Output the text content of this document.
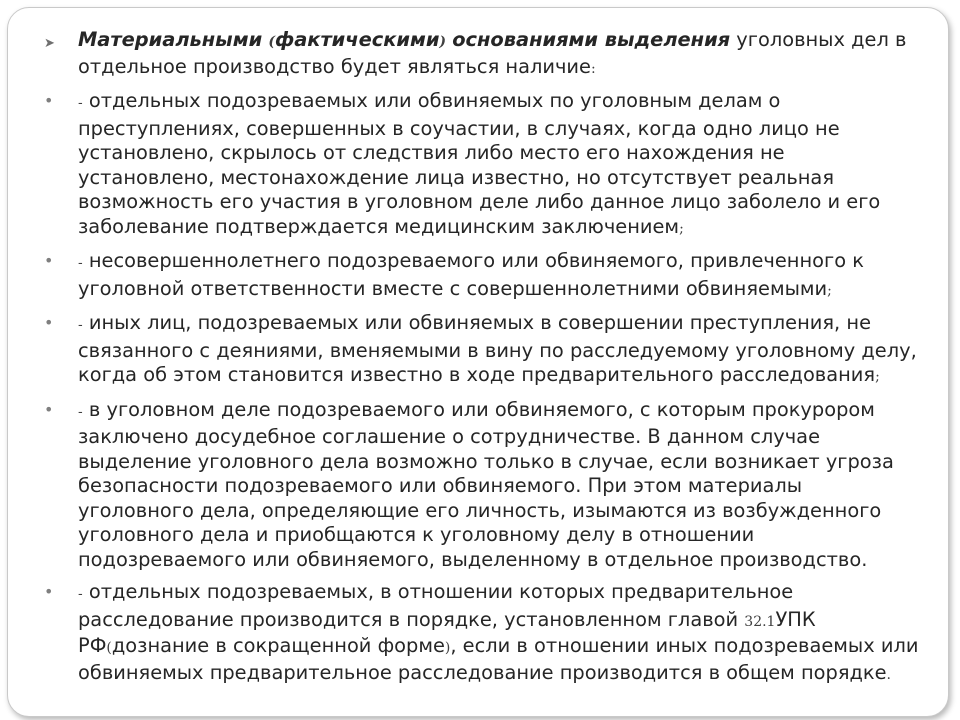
➤	Материальными (фактическими) основаниями выделения уголовных дел в отдельное производство будет являться наличие:
•	- отдельных подозреваемых или обвиняемых по уголовным делам о преступлениях, совершенных в соучастии, в случаях, когда одно лицо не установлено, скрылось от следствия либо место его нахождения не установлено, местонахождение лица известно, но отсутствует реальная возможность его участия в уголовном деле либо данное лицо заболело и его заболевание подтверждается медицинским заключением;
•	- несовершеннолетнего подозреваемого или обвиняемого, привлеченного к уголовной ответственности вместе с совершеннолетними обвиняемыми;
•	- иных лиц, подозреваемых или обвиняемых в совершении преступления, не связанного с деяниями, вменяемыми в вину по расследуемому уголовному делу, когда об этом становится известно в ходе предварительного расследования;
•	- в уголовном деле подозреваемого или обвиняемого, с которым прокурором заключено досудебное соглашение о сотрудничестве. В данном случае выделение уголовного дела возможно только в случае, если возникает угроза безопасности подозреваемого или обвиняемого. При этом материалы уголовного дела, определяющие его личность, изымаются из возбужденного уголовного дела и приобщаются к уголовному делу в отношении подозреваемого или обвиняемого, выделенному в отдельное производство.
•	- отдельных подозреваемых, в отношении которых предварительное расследование производится в порядке, установленном главой 32.1УПК РФ(дознание в сокращенной форме), если в отношении иных подозреваемых или обвиняемых предварительное расследование производится в общем порядке.
